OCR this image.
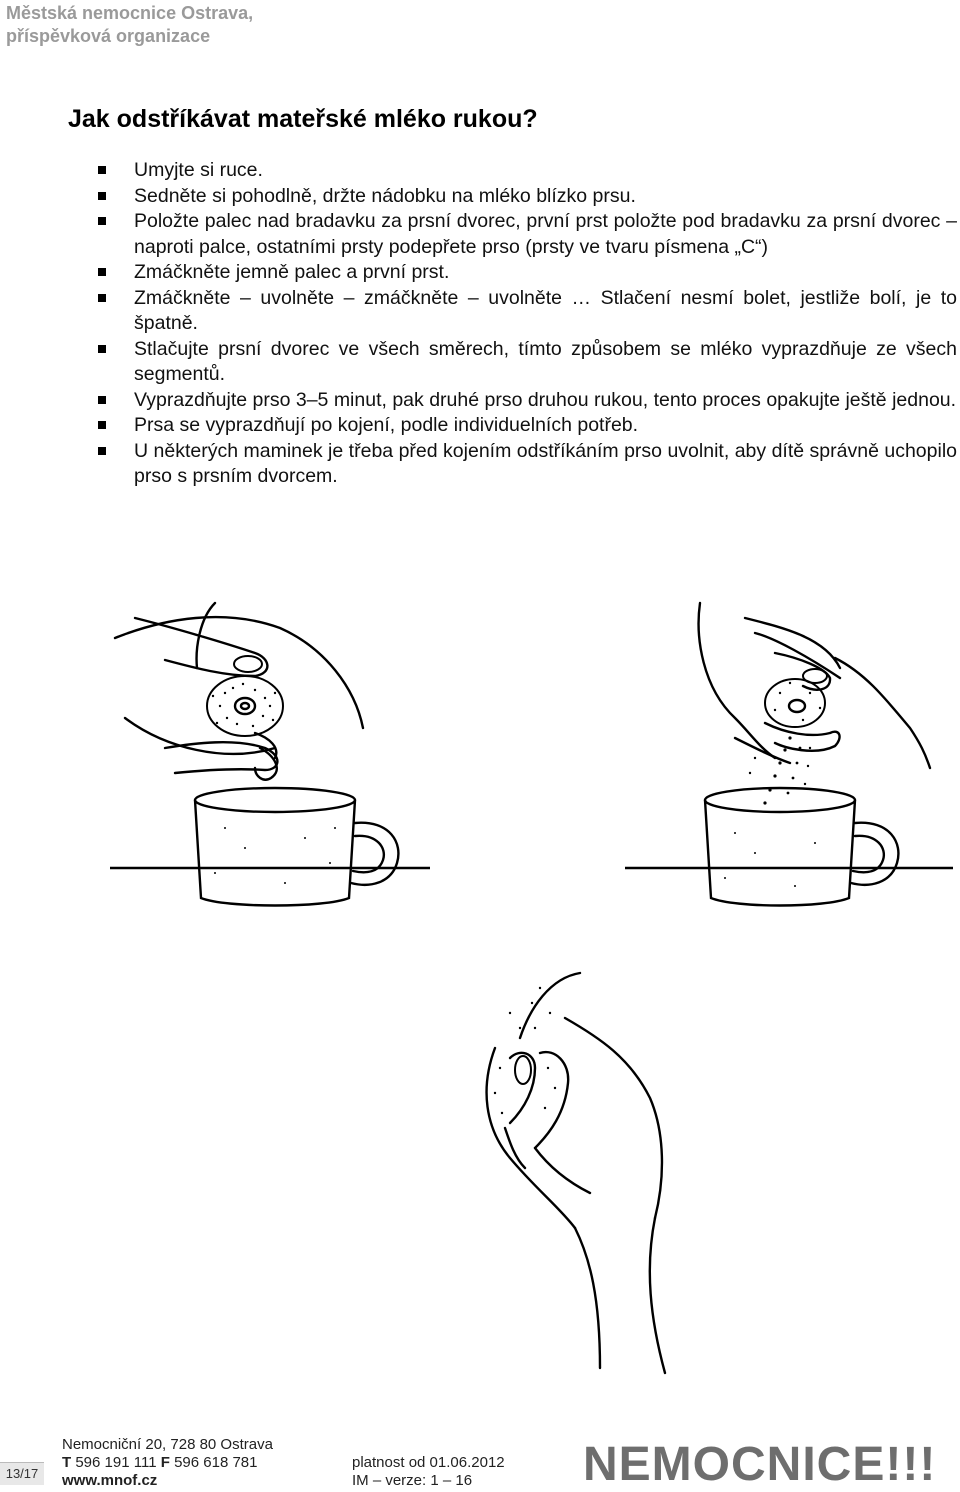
Městská nemocnice Ostrava,
příspěvková organizace
Jak odstříkávat mateřské mléko rukou?
Umyjte si ruce.
Sedněte si pohodlně, držte nádobku na mléko blízko prsu.
Položte palec nad bradavku za prsní dvorec, první prst položte pod bradavku za prsní dvorec – naproti palce, ostatními prsty podepřete prso (prsty ve tvaru písmena „C“)
Zmáčkněte jemně palec a první prst.
Zmáčkněte – uvolněte – zmáčkněte – uvolněte … Stlačení nesmí bolet, jestliže bolí, je to špatně.
Stlačujte prsní dvorec ve všech směrech, tímto způsobem se mléko vyprazdňuje ze všech segmentů.
Vyprazdňujte prso 3–5 minut, pak druhé prso druhou rukou, tento proces opakujte ještě jednou.
Prsa se vyprazdňují po kojení, podle individuelních potřeb.
U některých maminek je třeba před kojením odstříkáním prso uvolnit, aby dítě správně uchopilo prso s prsním dvorcem.
13/17
Nemocniční 20, 728 80 Ostrava
T 596 191 111 F 596 618 781
www.mnof.cz
platnost od 01.06.2012
IM – verze: 1 – 16	NEMOCNICE!!!
